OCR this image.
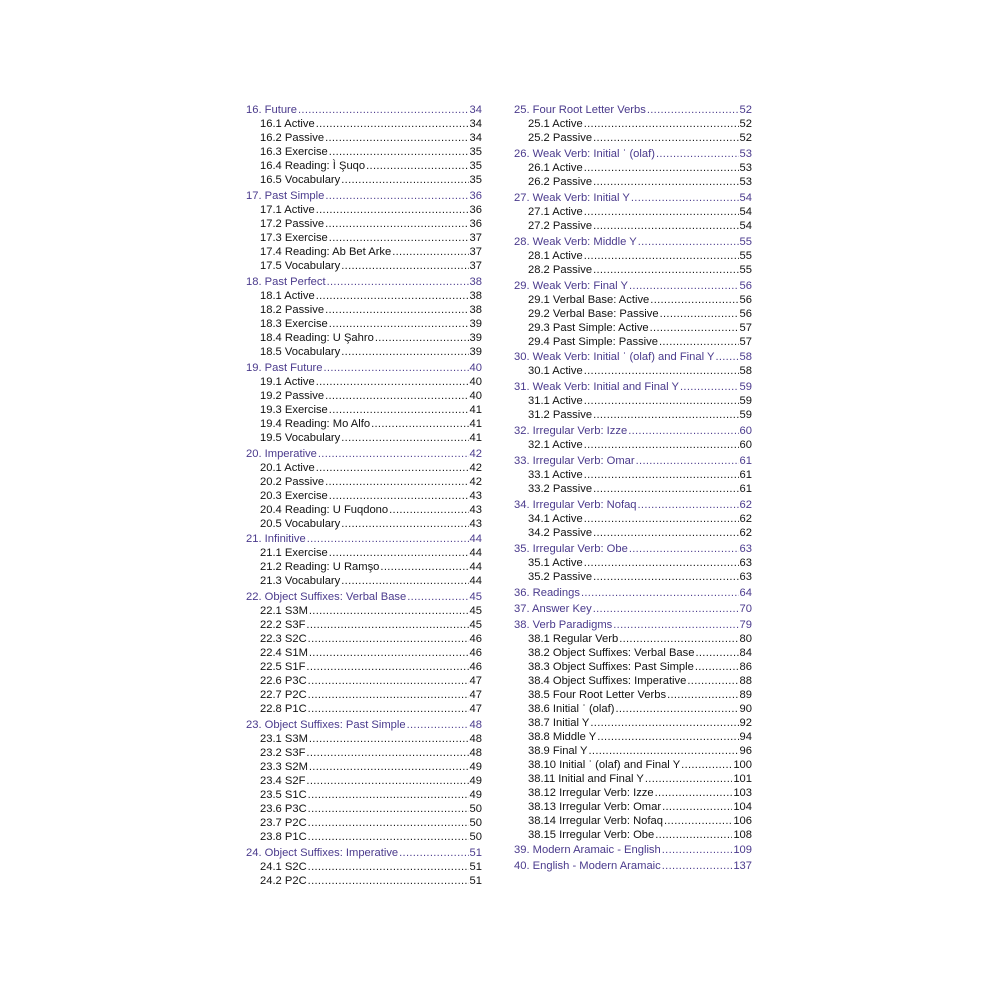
16. Future .....	34
16.1 Active .....	34
16.2 Passive .....	34
16.3 Exercise .....	35
16.4 Reading: Ì Şuqo .....	35
16.5 Vocabulary .....	35
17. Past Simple .....	36
17.1 Active .....	36
17.2 Passive .....	36
17.3 Exercise .....	37
17.4 Reading: Ab Bet Arke .....	37
17.5 Vocabulary .....	37
18. Past Perfect .....	38
18.1 Active .....	38
18.2 Passive .....	38
18.3 Exercise .....	39
18.4 Reading: U Şahro .....	39
18.5 Vocabulary .....	39
19. Past Future .....	40
19.1 Active .....	40
19.2 Passive .....	40
19.3 Exercise .....	41
19.4 Reading: Mo Alfo .....	41
19.5 Vocabulary .....	41
20. Imperative .....	42
20.1 Active .....	42
20.2 Passive .....	42
20.3 Exercise .....	43
20.4 Reading: U Fuqdono .....	43
20.5 Vocabulary .....	43
21. Infinitive .....	44
21.1 Exercise .....	44
21.2 Reading: U Ramşo .....	44
21.3 Vocabulary .....	44
22. Object Suffixes: Verbal Base .....	45
22.1 S3M .....	45
22.2 S3F .....	45
22.3 S2C .....	46
22.4 S1M .....	46
22.5 S1F .....	46
22.6 P3C .....	47
22.7 P2C .....	47
22.8 P1C .....	47
23. Object Suffixes: Past Simple .....	48
23.1 S3M .....	48
23.2 S3F .....	48
23.3 S2M .....	49
23.4 S2F .....	49
23.5 S1C .....	49
23.6 P3C .....	50
23.7 P2C .....	50
23.8 P1C .....	50
24. Object Suffixes: Imperative .....	51
24.1 S2C .....	51
24.2 P2C .....	51
25. Four Root Letter Verbs .....	52
25.1 Active .....	52
25.2 Passive .....	52
26. Weak Verb: Initial ʾ (olaf) .....	53
26.1 Active .....	53
26.2 Passive .....	53
27. Weak Verb: Initial Y .....	54
27.1 Active .....	54
27.2 Passive .....	54
28. Weak Verb: Middle Y .....	55
28.1 Active .....	55
28.2 Passive .....	55
29. Weak Verb: Final Y .....	56
29.1 Verbal Base: Active .....	56
29.2 Verbal Base: Passive .....	56
29.3 Past Simple: Active .....	57
29.4 Past Simple: Passive .....	57
30. Weak Verb: Initial ʾ (olaf) and Final Y ..... 58
30.1 Active .....	58
31. Weak Verb: Initial and Final Y .....	59
31.1 Active .....	59
31.2 Passive .....	59
32. Irregular Verb: Izze .....	60
32.1 Active .....	60
33. Irregular Verb: Omar .....	61
33.1 Active .....	61
33.2 Passive .....	61
34. Irregular Verb: Nofaq .....	62
34.1 Active .....	62
34.2 Passive .....	62
35. Irregular Verb: Obe .....	63
35.1 Active .....	63
35.2 Passive .....	63
36. Readings .....	64
37. Answer Key .....	70
38. Verb Paradigms .....	79
38.1 Regular Verb .....	80
38.2 Object Suffixes: Verbal Base .....	84
38.3 Object Suffixes: Past Simple .....	86
38.4 Object Suffixes: Imperative .....	88
38.5 Four Root Letter Verbs .....	89
38.6 Initial ʾ (olaf) .....	90
38.7 Initial Y .....	92
38.8 Middle Y .....	94
38.9 Final Y .....	96
38.10 Initial ʾ (olaf) and Final Y .....	100
38.11 Initial and Final Y .....	101
38.12 Irregular Verb: Izze .....	103
38.13 Irregular Verb: Omar .....	104
38.14 Irregular Verb: Nofaq .....	106
38.15 Irregular Verb: Obe .....	108
39. Modern Aramaic - English .....	109
40. English - Modern Aramaic .....	137
